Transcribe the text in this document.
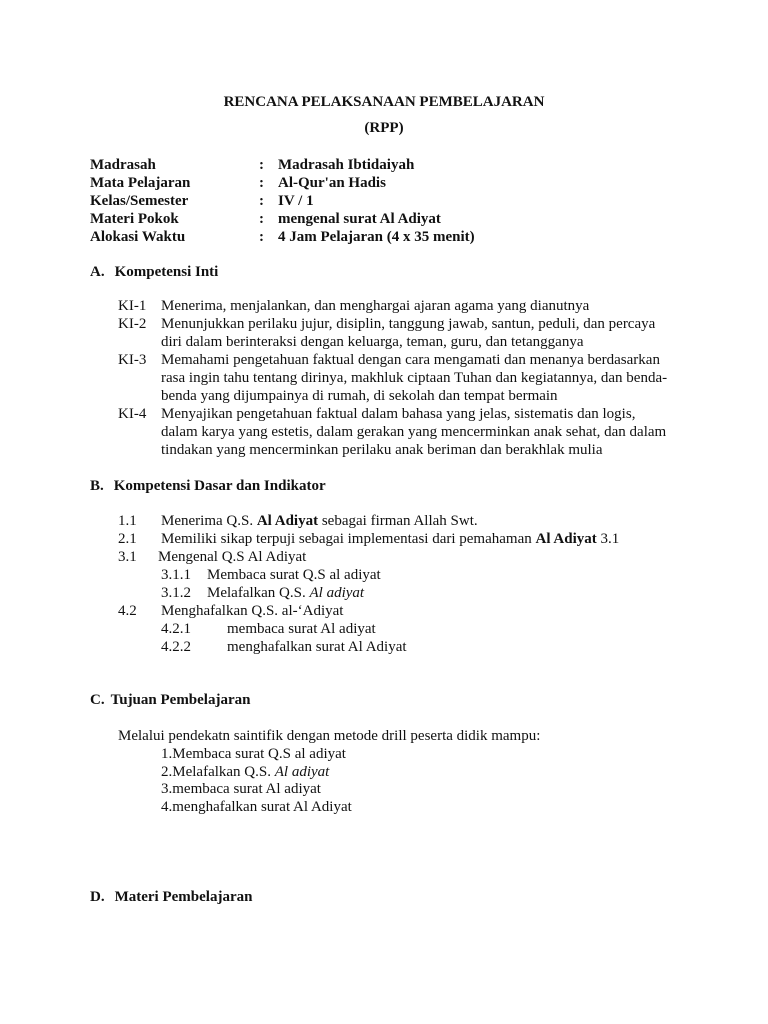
RENCANA PELAKSANAAN PEMBELAJARAN
(RPP)
Madrasah	: Madrasah Ibtidaiyah
Mata Pelajaran	: Al-Qur'an Hadis
Kelas/Semester	: IV / 1
Materi Pokok	: mengenal surat Al Adiyat
Alokasi Waktu	: 4 Jam Pelajaran (4 x 35 menit)
A. Kompetensi Inti
KI-1 Menerima, menjalankan, dan menghargai ajaran agama yang dianutnya
KI-2 Menunjukkan perilaku jujur, disiplin, tanggung jawab, santun, peduli, dan percaya
diri dalam berinteraksi dengan keluarga, teman, guru, dan tetangganya
KI-3 Memahami pengetahuan faktual dengan cara mengamati dan menanya berdasarkan
rasa ingin tahu tentang dirinya, makhluk ciptaan Tuhan dan kegiatannya, dan benda-
benda yang dijumpainya di rumah, di sekolah dan tempat bermain
KI-4 Menyajikan pengetahuan faktual dalam bahasa yang jelas, sistematis dan logis,
dalam karya yang estetis, dalam gerakan yang mencerminkan anak sehat, dan dalam
tindakan yang mencerminkan perilaku anak beriman dan berakhlak mulia
B. Kompetensi Dasar dan Indikator
1.1 Menerima Q.S. Al Adiyat sebagai firman Allah Swt.
2.1 Memiliki sikap terpuji sebagai implementasi dari pemahaman Al Adiyat 3.1
3.1 Mengenal Q.S Al Adiyat
3.1.1 Membaca surat Q.S al adiyat
3.1.2 Melafalkan Q.S. Al adiyat
4.2 Menghafalkan Q.S. al-‘Adiyat
4.2.1 membaca surat Al adiyat
4.2.2 menghafalkan surat Al Adiyat
C. Tujuan Pembelajaran
Melalui pendekatn saintifik dengan metode drill peserta didik mampu:
1.Membaca surat Q.S al adiyat
2.Melafalkan Q.S. Al adiyat
3.membaca surat Al adiyat
4.menghafalkan surat Al Adiyat
D. Materi Pembelajaran
